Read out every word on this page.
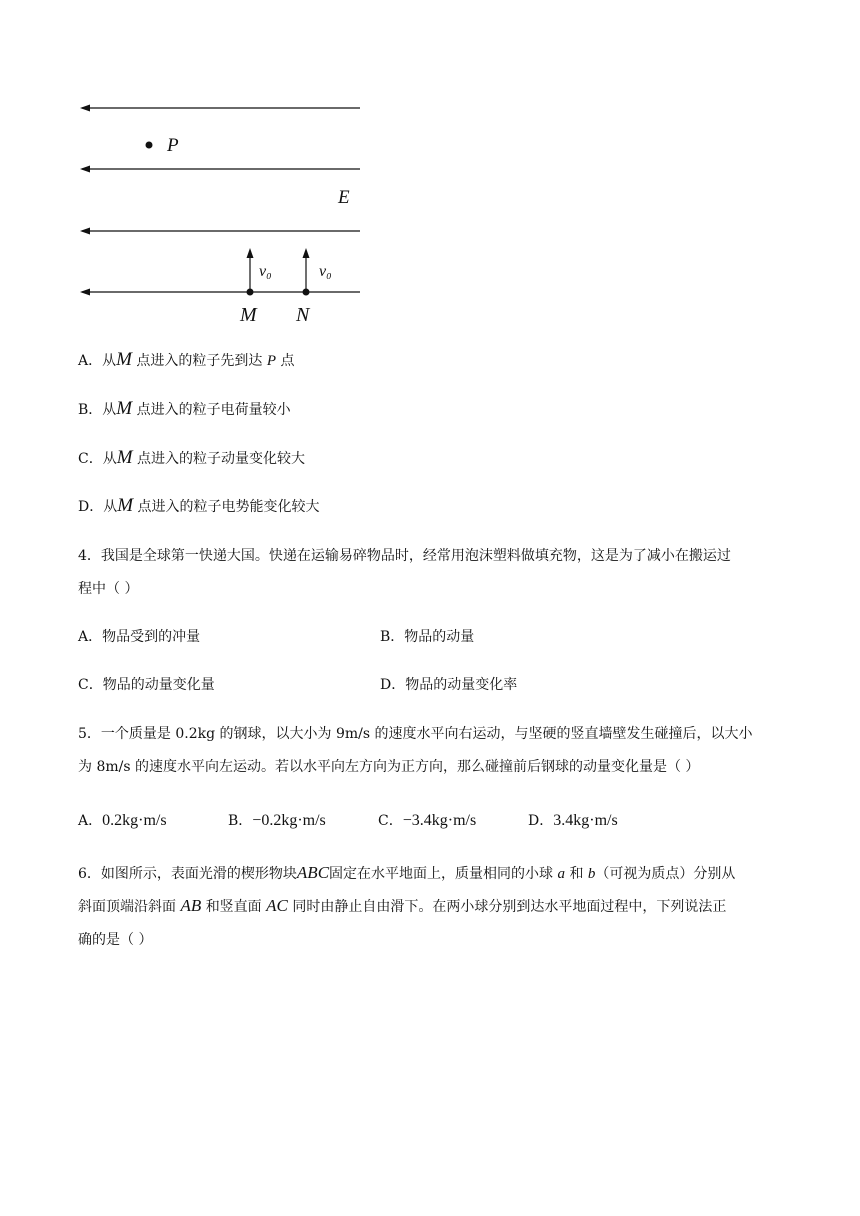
P
E
v₀	v₀
M N
A．从M 点进入的粒子先到达 P 点
B．从M 点进入的粒子电荷量较小
C．从M 点进入的粒子动量变化较大
D．从M 点进入的粒子电势能变化较大
4．我国是全球第一快递大国。快递在运输易碎物品时，经常用泡沫塑料做填充物，这是为了减小在搬运过
程中（ ）
A．物品受到的冲量	B．物品的动量
C．物品的动量变化量	D．物品的动量变化率
5．一个质量是 0.2kg 的钢球，以大小为 9m/s 的速度水平向右运动，与坚硬的竖直墙壁发生碰撞后，以大小
为 8m/s 的速度水平向左运动。若以水平向左方向为正方向，那么碰撞前后钢球的动量变化量是（ ）
A．0.2kg·m/s	B．−0.2kg·m/s	C．−3.4kg·m/s	D．3.4kg·m/s
6．如图所示，表面光滑的楔形物块ABC固定在水平地面上，质量相同的小球 a 和 b（可视为质点）分别从
斜面顶端沿斜面 AB 和竖直面 AC 同时由静止自由滑下。在两小球分别到达水平地面过程中，下列说法正
确的是（ ）
